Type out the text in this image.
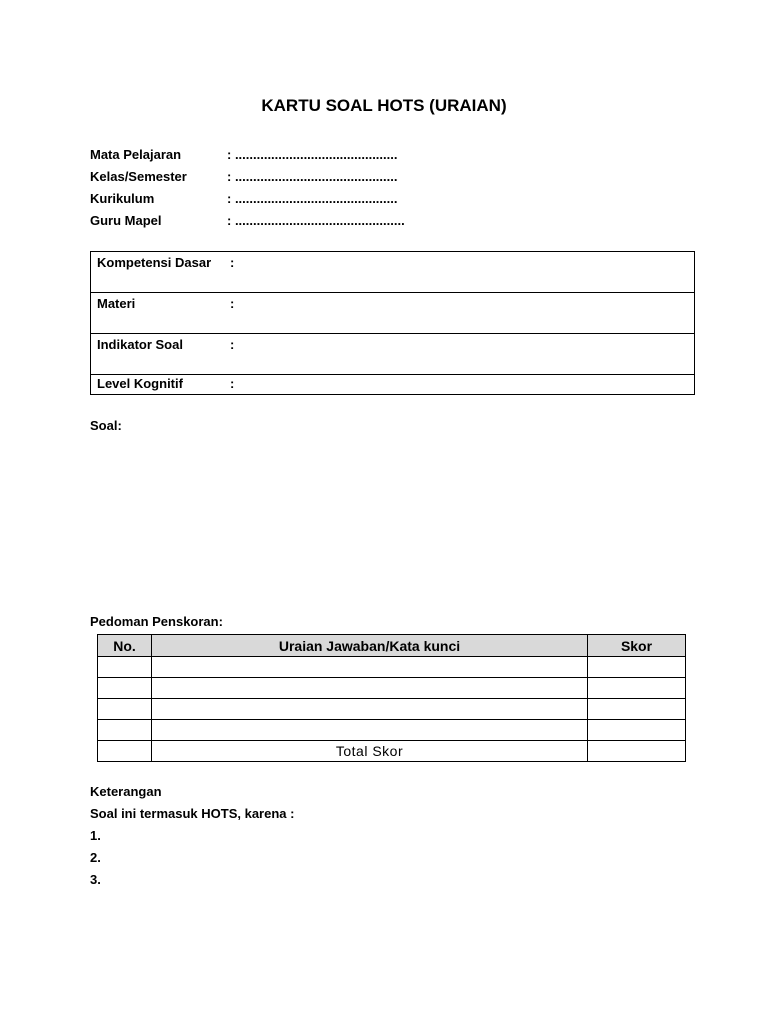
KARTU SOAL HOTS (URAIAN)
Mata Pelajaran	: .............................................
Kelas/Semester	: .............................................
Kurikulum	: .............................................
Guru Mapel	: ...............................................
Kompetensi Dasar :
Materi	:
Indikator Soal	:
Level Kognitif	:
Soal:
Pedoman Penskoran:
No.	Uraian Jawaban/Kata kunci	Skor

	Total Skor	
Keterangan
Soal ini termasuk HOTS, karena :
1.
2.
3.
